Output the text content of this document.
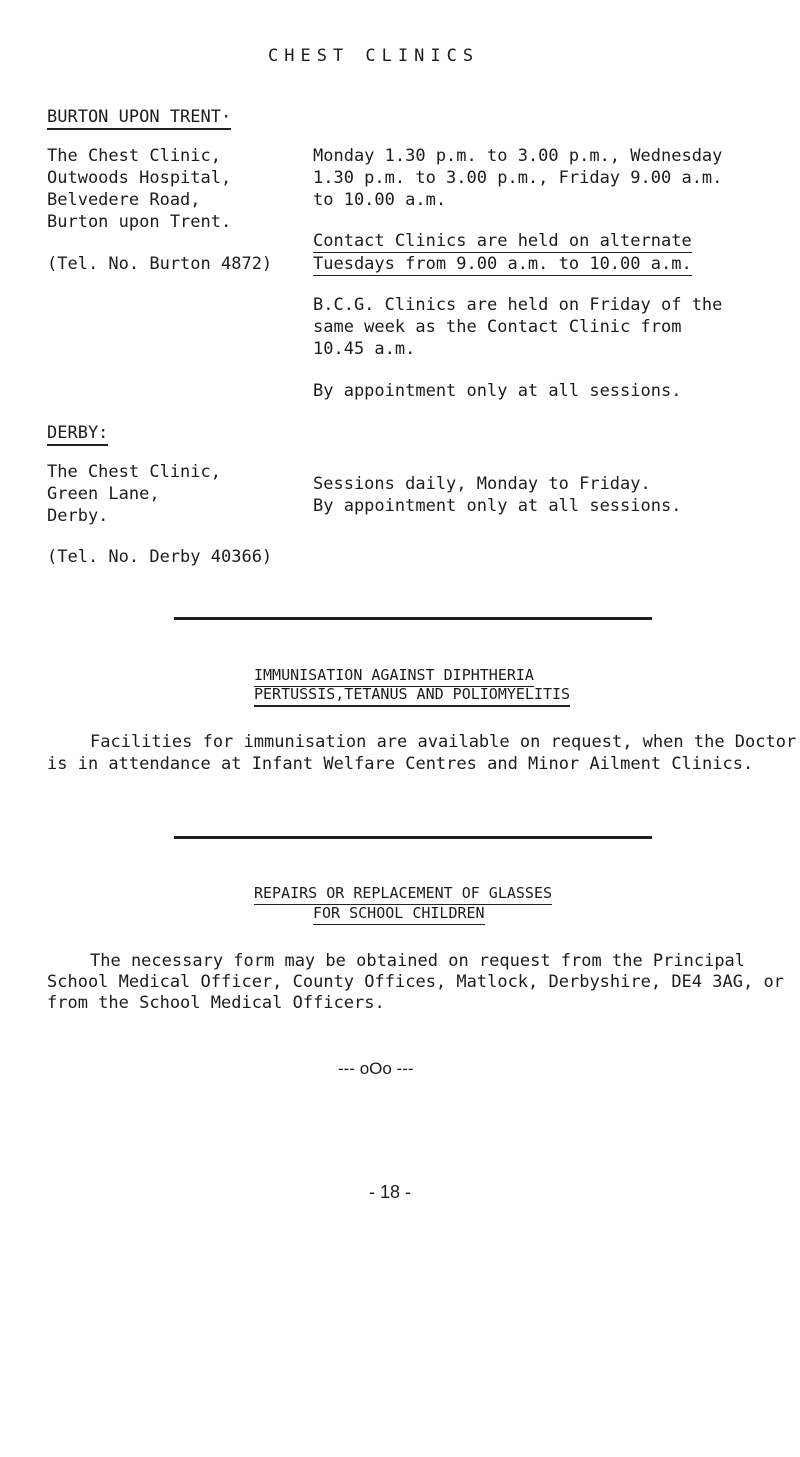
CHEST CLINICS
BURTON UPON TRENT·
The Chest Clinic,
Outwoods Hospital,
Belvedere Road,
Burton upon Trent.
(Tel. No. Burton 4872)
Monday 1.30 p.m. to 3.00 p.m., Wednesday
1.30 p.m. to 3.00 p.m., Friday 9.00 a.m.
to 10.00 a.m.
Contact Clinics are held on alternate
Tuesdays from 9.00 a.m. to 10.00 a.m.
B.C.G. Clinics are held on Friday of the
same week as the Contact Clinic from
10.45 a.m.
By appointment only at all sessions.
DERBY:
The Chest Clinic,
Green Lane,
Derby.
Sessions daily, Monday to Friday.
By appointment only at all sessions.
(Tel. No. Derby 40366)
IMMUNISATION AGAINST DIPHTHERIA
PERTUSSIS,TETANUS AND POLIOMYELITIS
Facilities for immunisation are available on request, when the Doctor
is in attendance at Infant Welfare Centres and Minor Ailment Clinics.
REPAIRS OR REPLACEMENT OF GLASSES
FOR SCHOOL CHILDREN
The necessary form may be obtained on request from the Principal
School Medical Officer, County Offices, Matlock, Derbyshire, DE4 3AG, or
from the School Medical Officers.
--- oOo ---
- 18 -
